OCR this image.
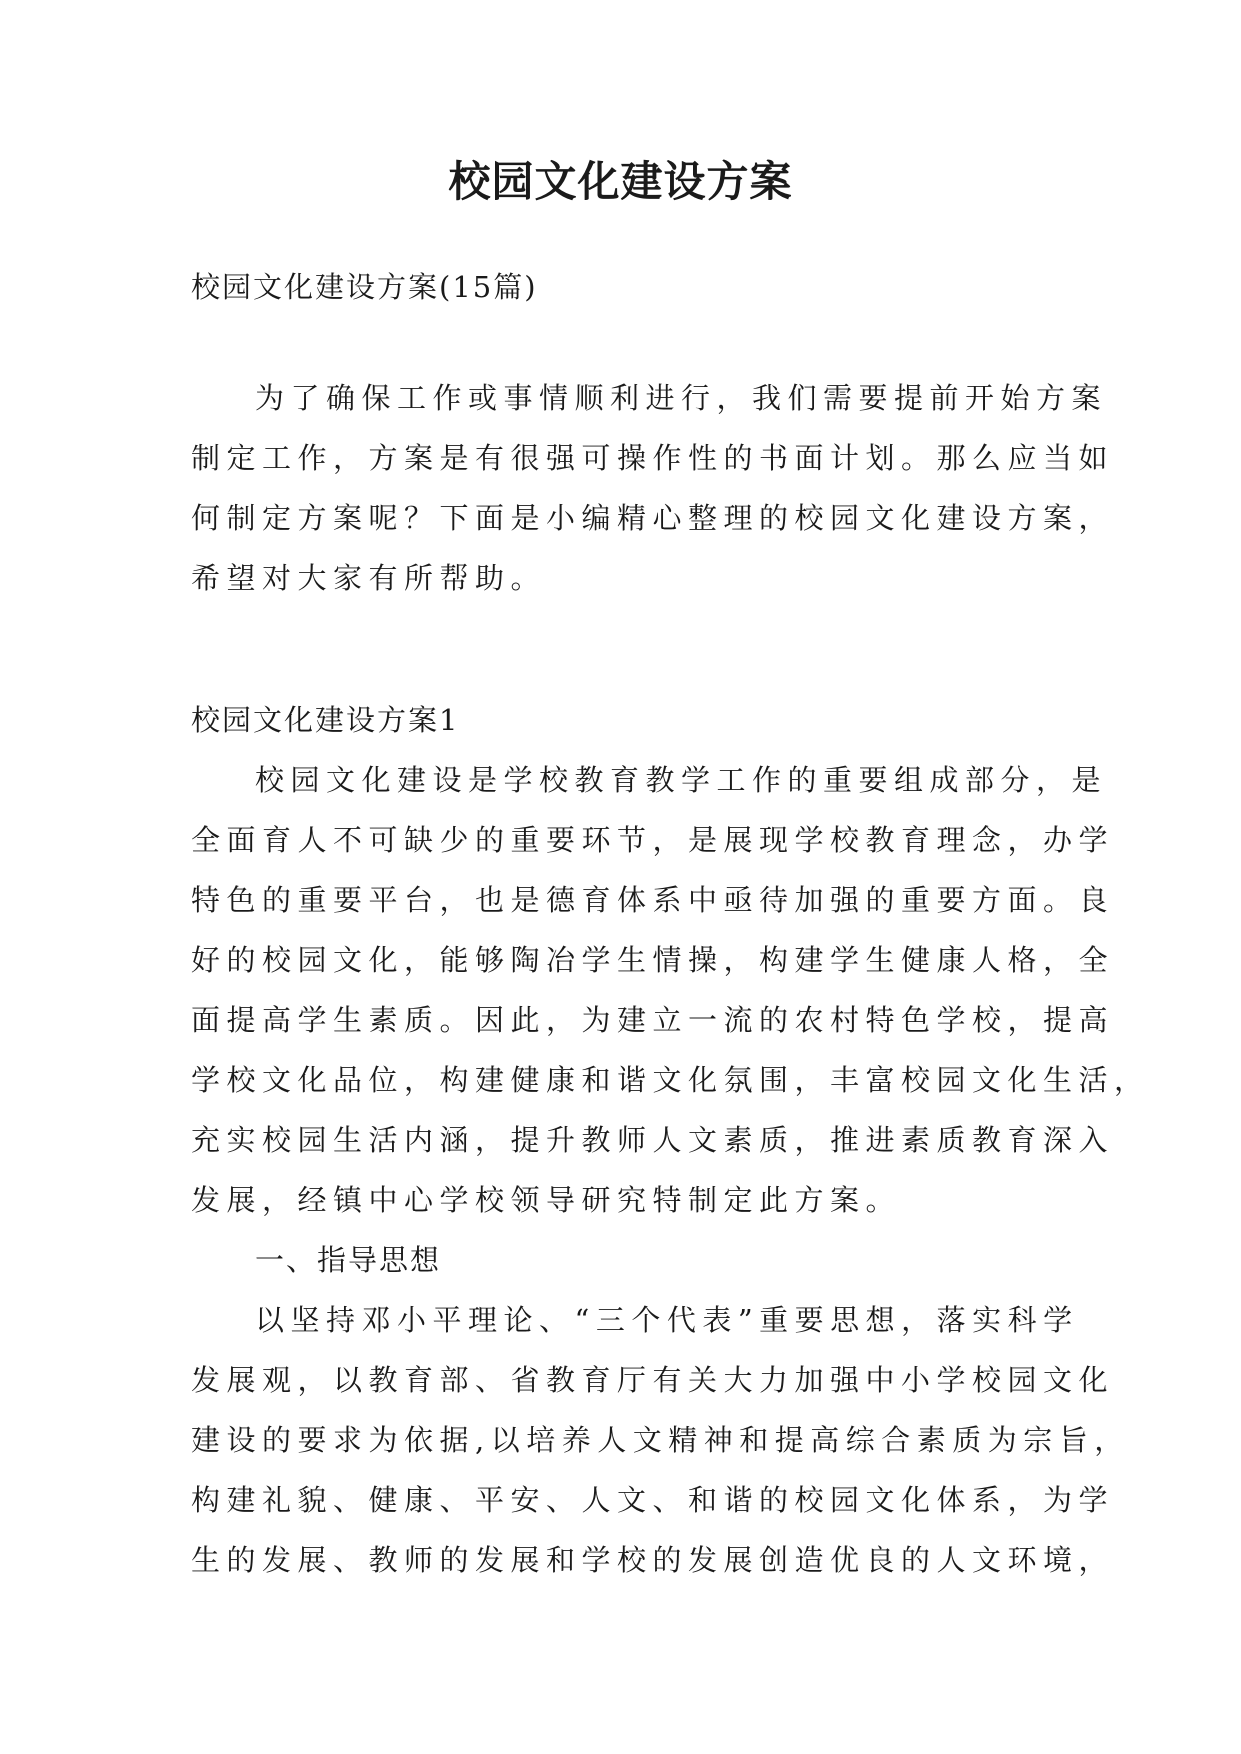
校园文化建设方案

校园文化建设方案(15篇)

为了确保工作或事情顺利进行，我们需要提前开始方案
制定工作，方案是有很强可操作性的书面计划。那么应当如
何制定方案呢？下面是小编精心整理的校园文化建设方案，
希望对大家有所帮助。

校园文化建设方案1

校园文化建设是学校教育教学工作的重要组成部分，是
全面育人不可缺少的重要环节，是展现学校教育理念，办学
特色的重要平台，也是德育体系中亟待加强的重要方面。良
好的校园文化，能够陶冶学生情操，构建学生健康人格，全
面提高学生素质。因此，为建立一流的农村特色学校，提高
学校文化品位，构建健康和谐文化氛围，丰富校园文化生活，
充实校园生活内涵，提升教师人文素质，推进素质教育深入
发展，经镇中心学校领导研究特制定此方案。

一、指导思想

以坚持邓小平理论、“三个代表”重要思想，落实科学
发展观，以教育部、省教育厅有关大力加强中小学校园文化
建设的要求为依据,以培养人文精神和提高综合素质为宗旨，
构建礼貌、健康、平安、人文、和谐的校园文化体系，为学
生的发展、教师的发展和学校的发展创造优良的人文环境，
